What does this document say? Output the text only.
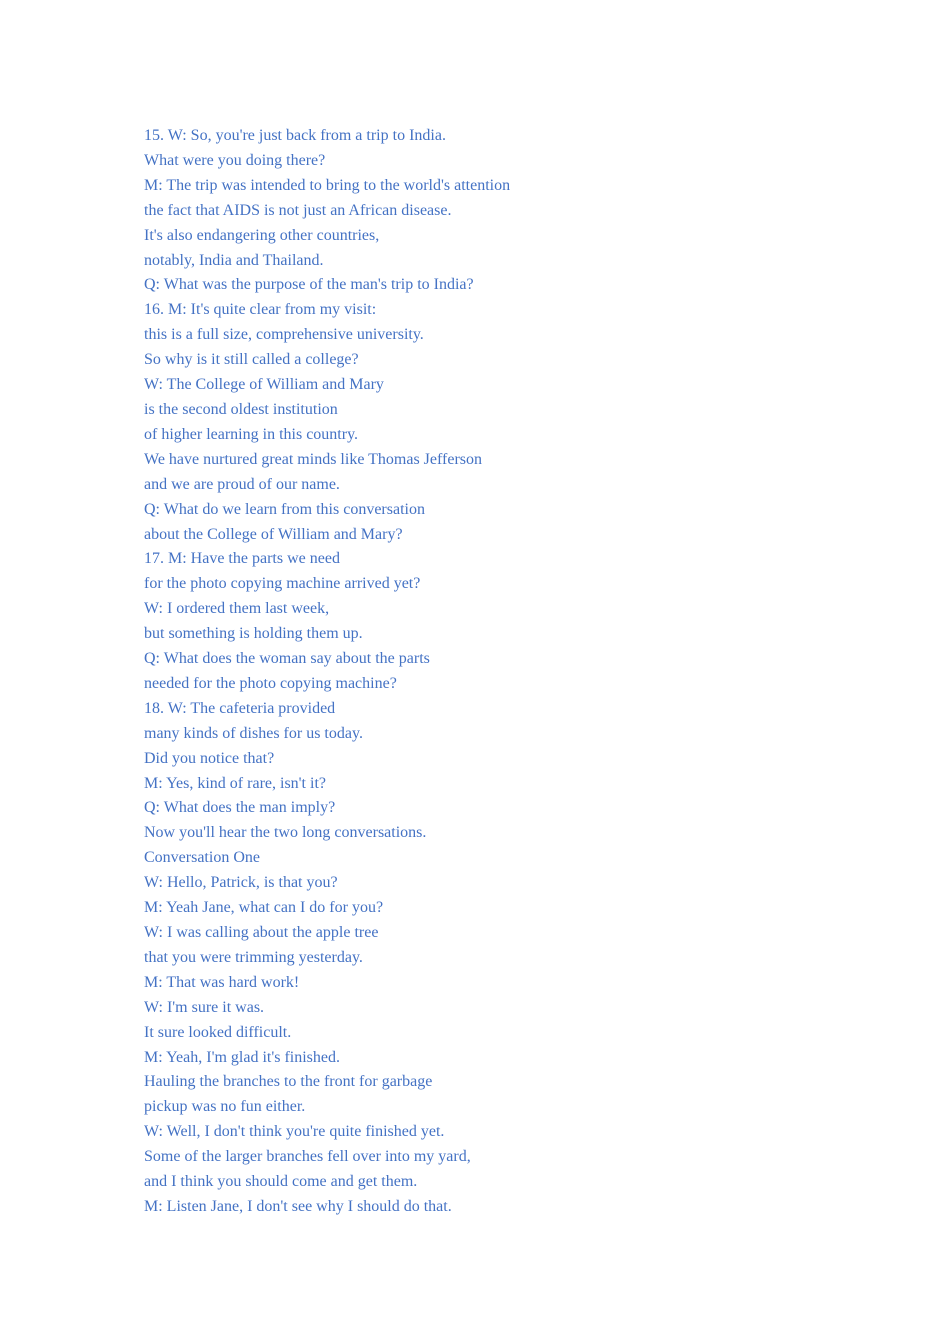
15. W: So, you're just back from a trip to India.

What were you doing there?

M: The trip was intended to bring to the world's attention

the fact that AIDS is not just an African disease.

It's also endangering other countries,

notably, India and Thailand.

Q: What was the purpose of the man's trip to India?

16. M: It's quite clear from my visit:

this is a full size, comprehensive university.

So why is it still called a college?

W: The College of William and Mary

is the second oldest institution

of higher learning in this country.

We have nurtured great minds like Thomas Jefferson

and we are proud of our name.

Q: What do we learn from this conversation

about the College of William and Mary?

17. M: Have the parts we need

for the photo copying machine arrived yet?

W: I ordered them last week,

but something is holding them up.

Q: What does the woman say about the parts

needed for the photo copying machine?

18. W: The cafeteria provided

many kinds of dishes for us today.

Did you notice that?

M: Yes, kind of rare, isn't it?

Q: What does the man imply?

Now you'll hear the two long conversations.

Conversation One

W: Hello, Patrick, is that you?

M: Yeah Jane, what can I do for you?

W: I was calling about the apple tree

that you were trimming yesterday.

M: That was hard work!

W: I'm sure it was.

It sure looked difficult.

M: Yeah, I'm glad it's finished.

Hauling the branches to the front for garbage

pickup was no fun either.

W: Well, I don't think you're quite finished yet.

Some of the larger branches fell over into my yard,

and I think you should come and get them.

M: Listen Jane, I don't see why I should do that.
